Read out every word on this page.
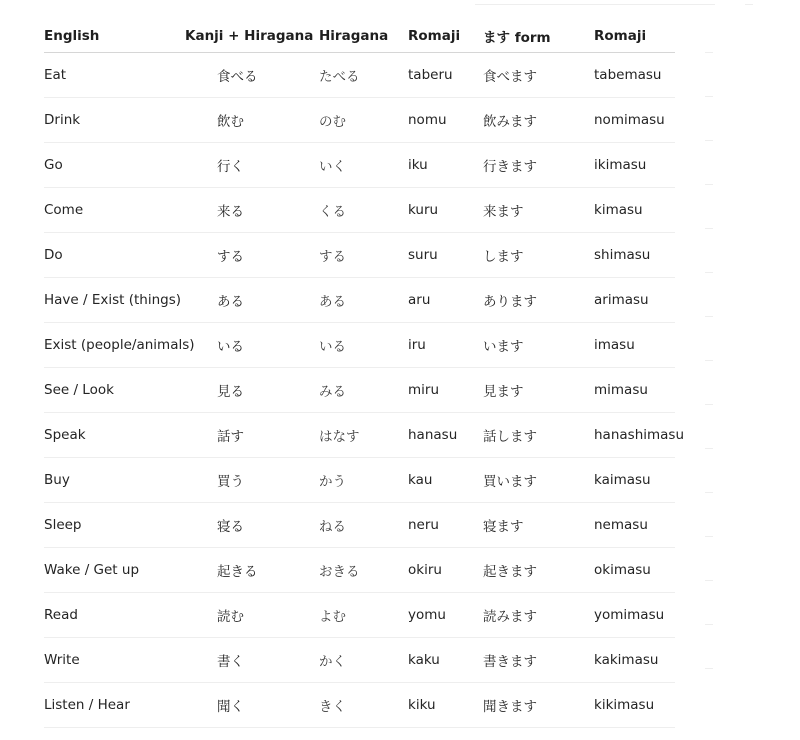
English	Kanji + Hiragana	Hiragana	Romaji	ます form	Romaji
Eat	食べる	たべる	taberu	食べます	tabemasu
Drink	飲む	のむ	nomu	飲みます	nomimasu
Go	行く	いく	iku	行きます	ikimasu
Come	来る	くる	kuru	来ます	kimasu
Do	する	する	suru	します	shimasu
Have / Exist (things)	ある	ある	aru	あります	arimasu
Exist (people/animals)	いる	いる	iru	います	imasu
See / Look	見る	みる	miru	見ます	mimasu
Speak	話す	はなす	hanasu	話します	hanashimasu
Buy	買う	かう	kau	買います	kaimasu
Sleep	寝る	ねる	neru	寝ます	nemasu
Wake / Get up	起きる	おきる	okiru	起きます	okimasu
Read	読む	よむ	yomu	読みます	yomimasu
Write	書く	かく	kaku	書きます	kakimasu
Listen / Hear	聞く	きく	kiku	聞きます	kikimasu
